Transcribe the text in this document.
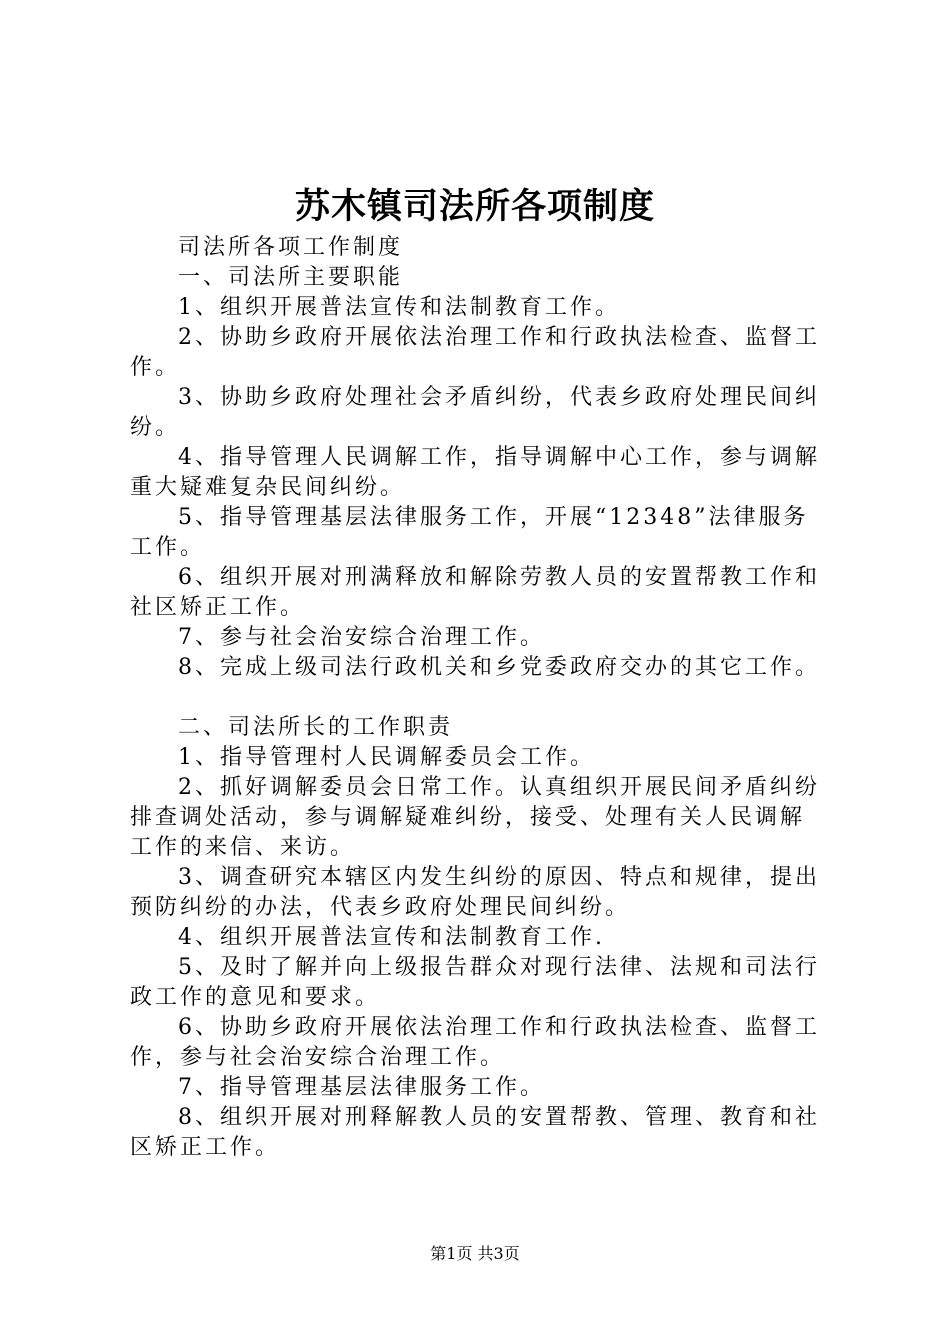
苏木镇司法所各项制度
司法所各项工作制度
一、司法所主要职能
1、组织开展普法宣传和法制教育工作。
2、协助乡政府开展依法治理工作和行政执法检查、监督工
作。
3、协助乡政府处理社会矛盾纠纷，代表乡政府处理民间纠
纷。
4、指导管理人民调解工作，指导调解中心工作，参与调解
重大疑难复杂民间纠纷。
5、指导管理基层法律服务工作，开展“12348”法律服务
工作。
6、组织开展对刑满释放和解除劳教人员的安置帮教工作和
社区矫正工作。
7、参与社会治安综合治理工作。
8、完成上级司法行政机关和乡党委政府交办的其它工作。
二、司法所长的工作职责
1、指导管理村人民调解委员会工作。
2、抓好调解委员会日常工作。认真组织开展民间矛盾纠纷
排查调处活动，参与调解疑难纠纷，接受、处理有关人民调解
工作的来信、来访。
3、调查研究本辖区内发生纠纷的原因、特点和规律，提出
预防纠纷的办法，代表乡政府处理民间纠纷。
4、组织开展普法宣传和法制教育工作.
5、及时了解并向上级报告群众对现行法律、法规和司法行
政工作的意见和要求。
6、协助乡政府开展依法治理工作和行政执法检查、监督工
作，参与社会治安综合治理工作。
7、指导管理基层法律服务工作。
8、组织开展对刑释解教人员的安置帮教、管理、教育和社
区矫正工作。
第1页 共3页
